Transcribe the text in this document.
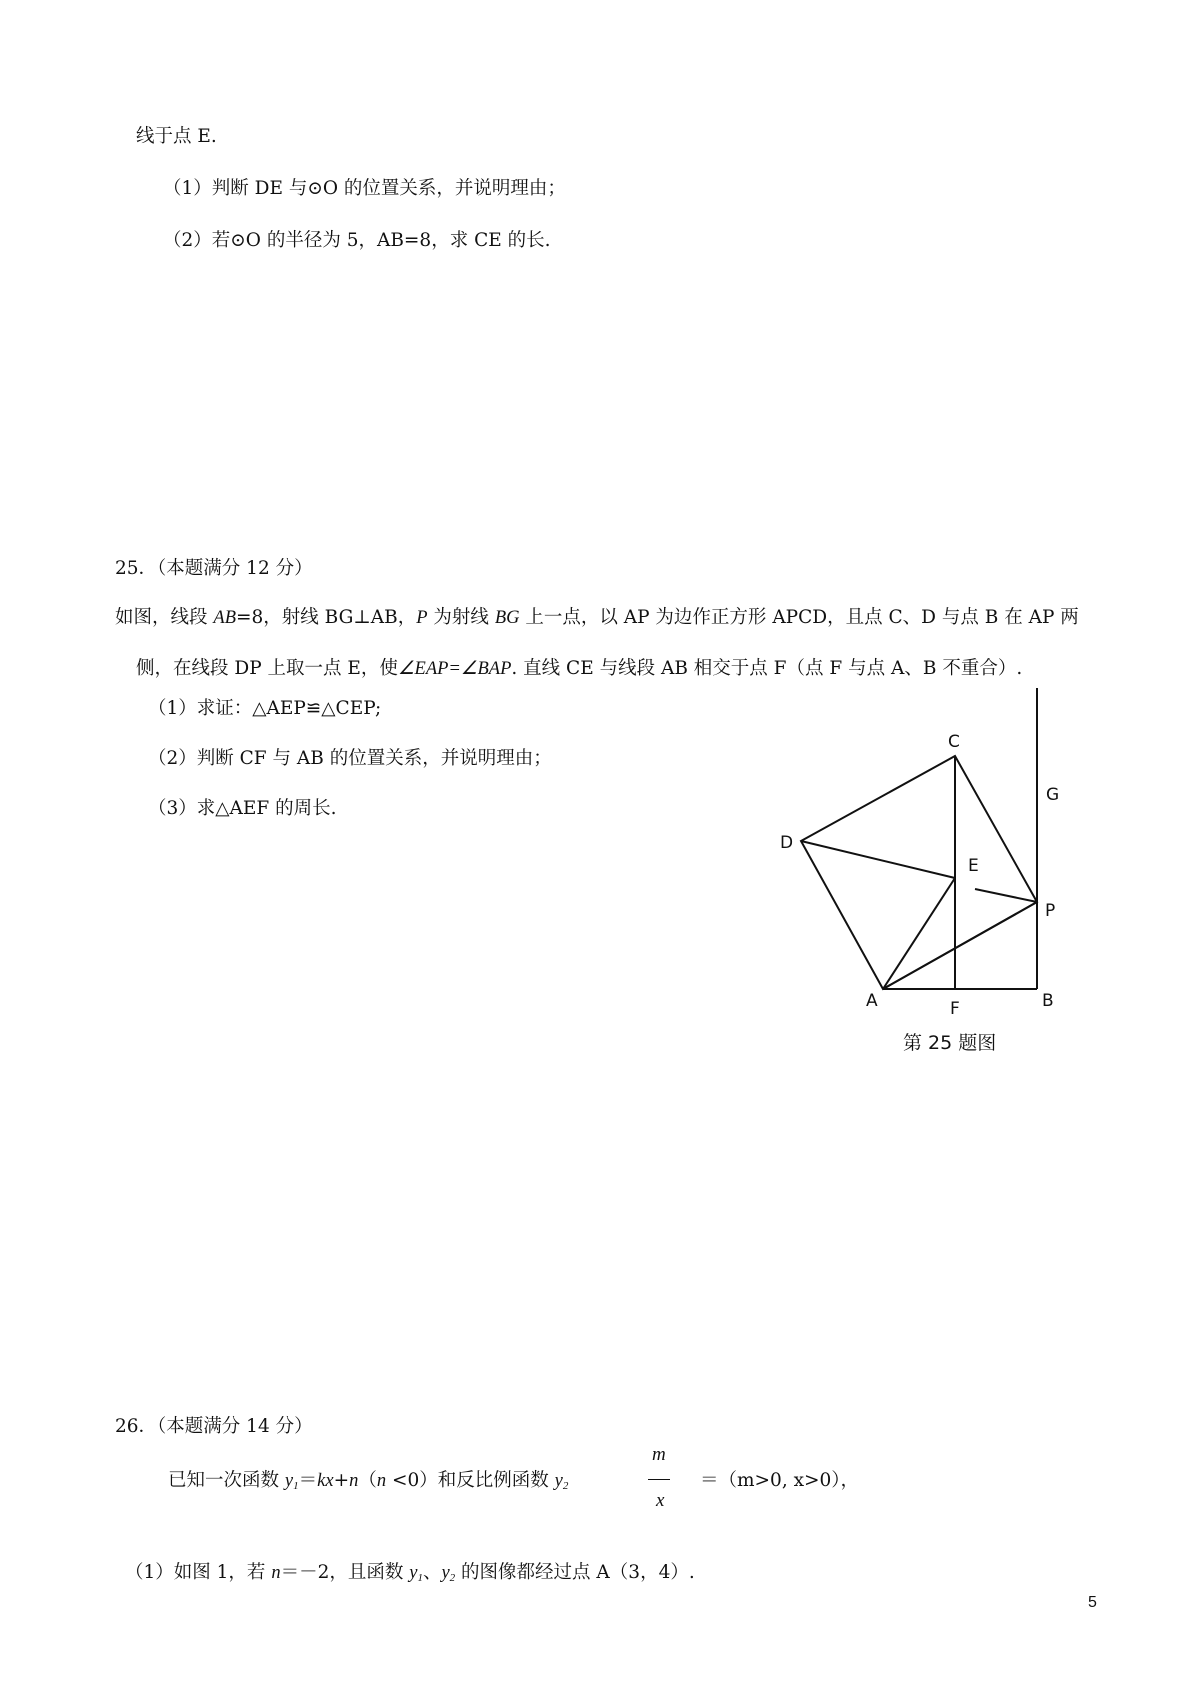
线于点 E.
（1）判断 DE 与⊙O 的位置关系，并说明理由；
（2）若⊙O 的半径为 5，AB=8，求 CE 的长.
25．（本题满分 12 分）
如图，线段 AB=8，射线 BG⊥AB，P 为射线 BG 上一点，以 AP 为边作正方形 APCD，且点 C、D 与点 B 在 AP 两
侧，在线段 DP 上取一点 E，使∠EAP=∠BAP. 直线 CE 与线段 AB 相交于点 F（点 F 与点 A、B 不重合）.
（1）求证：△AEP≌△CEP;
（2）判断 CF 与 AB 的位置关系，并说明理由；
（3）求△AEF 的周长.
C
G
D
E
P
A	F	B
第 25 题图
26．（本题满分 14 分）
已知一次函数 $y_1=kx+n(n <0)$和反比例函数 $y_2$
m
x
＝（m>0, x>0），
（1）如图 1，若 n＝－2，且函数 $y_1$、$y_2$ 的图像都经过点 A（3，4）.
5
